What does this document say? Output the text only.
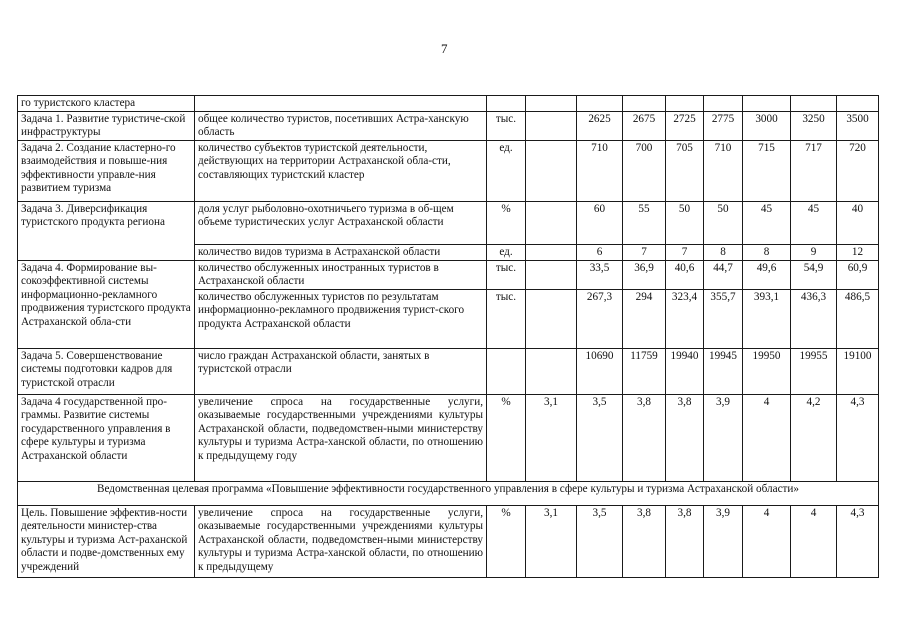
7
го туристского кластера										
Задача 1. Развитие туристиче-ской инфраструктуры	общее количество туристов, посетивших Астра-ханскую область	тыс.		2625	2675	2725	2775	3000	3250	3500
Задача 2. Создание кластерно-го взаимодействия и повыше-ния эффективности управле-ния развитием туризма	количество субъектов туристской деятельности, действующих на территории Астраханской обла-сти, составляющих туристский кластер	ед.		710	700	705	710	715	717	720
Задача 3. Диверсификация туристского продукта региона	доля услуг рыболовно-охотничьего туризма в об-щем объеме туристических услуг Астраханской области	%		60	55	50	50	45	45	40
	количество видов туризма в Астраханской области	ед.		6	7	7	8	8	9	12
Задача 4. Формирование вы-сокоэффективной системы информационно-рекламного продвижения туристского продукта Астраханской обла-сти	количество обслуженных иностранных туристов в Астраханской области	тыс.		33,5	36,9	40,6	44,7	49,6	54,9	60,9
	количество обслуженных туристов по результатам информационно-рекламного продвижения турист-ского продукта Астраханской области	тыс.		267,3	294	323,4	355,7	393,1	436,3	486,5
Задача 5. Совершенствование системы подготовки кадров для туристской отрасли	число граждан Астраханской области, занятых в туристской отрасли			10690	11759	19940	19945	19950	19955	19100
Задача 4 государственной про-граммы. Развитие системы государственного управления в сфере культуры и туризма Астраханской области	увеличение спроса на государственные услуги, оказываемые государственными учреждениями культуры Астраханской области, подведомствен-ными министерству культуры и туризма Астра-ханской области, по отношению к предыдущему году	%	3,1	3,5	3,8	3,8	3,9	4	4,2	4,3
Ведомственная целевая программа «Повышение эффективности государственного управления в сфере культуры и туризма Астраханской области»										
Цель. Повышение эффектив-ности деятельности министер-ства культуры и туризма Аст-раханской области и подве-домственных ему учреждений	увеличение спроса на государственные услуги, оказываемые государственными учреждениями культуры Астраханской области, подведомствен-ными министерству культуры и туризма Астра-ханской области, по отношению к предыдущему	%	3,1	3,5	3,8	3,8	3,9	4	4	4,3
